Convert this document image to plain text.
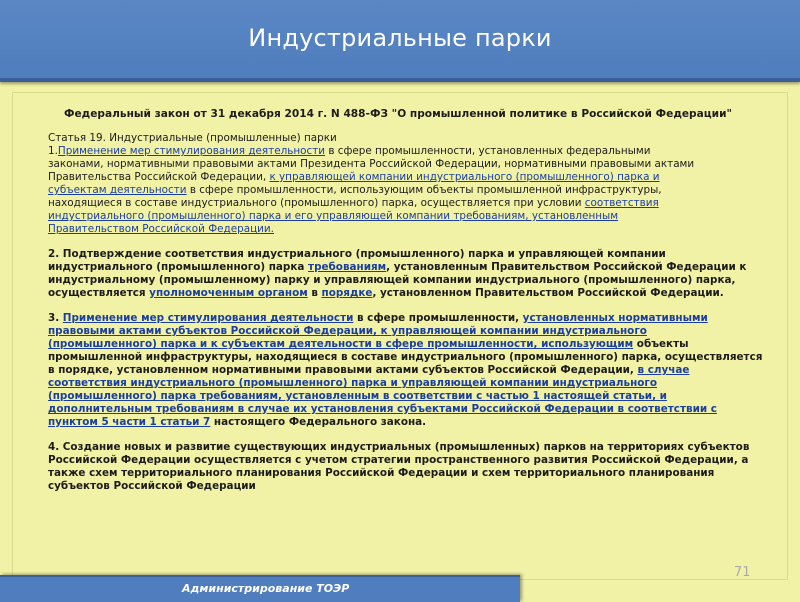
Индустриальные парки

Федеральный закон от 31 декабря 2014 г. N 488-ФЗ "О промышленной политике в Российской Федерации"

Статья 19. Индустриальные (промышленные) парки

1.Применение мер стимулирования деятельности в сфере промышленности, установленных федеральными
законами, нормативными правовыми актами Президента Российской Федерации, нормативными правовыми актами
Правительства Российской Федерации, к управляющей компании индустриального (промышленного) парка и
субъектам деятельности в сфере промышленности, использующим объекты промышленной инфраструктуры,
находящиеся в составе индустриального (промышленного) парка, осуществляется при условии соответствия
индустриального (промышленного) парка и его управляющей компании требованиям, установленным
Правительством Российской Федерации.

2. Подтверждение соответствия индустриального (промышленного) парка и управляющей компании
индустриального (промышленного) парка требованиям, установленным Правительством Российской Федерации к
индустриальному (промышленному) парку и управляющей компании индустриального (промышленного) парка,
осуществляется уполномоченным органом в порядке, установленном Правительством Российской Федерации.

3. Применение мер стимулирования деятельности в сфере промышленности, установленных нормативными
правовыми актами субъектов Российской Федерации, к управляющей компании индустриального
(промышленного) парка и к субъектам деятельности в сфере промышленности, использующим объекты
промышленной инфраструктуры, находящиеся в составе индустриального (промышленного) парка, осуществляется
в порядке, установленном нормативными правовыми актами субъектов Российской Федерации, в случае
соответствия индустриального (промышленного) парка и управляющей компании индустриального
(промышленного) парка требованиям, установленным в соответствии с частью 1 настоящей статьи, и
дополнительным требованиям в случае их установления субъектами Российской Федерации в соответствии с
пунктом 5 части 1 статьи 7 настоящего Федерального закона.

4. Создание новых и развитие существующих индустриальных (промышленных) парков на территориях субъектов
Российской Федерации осуществляется с учетом стратегии пространственного развития Российской Федерации, а
также схем территориального планирования Российской Федерации и схем территориального планирования
субъектов Российской Федерации

71
Администрирование ТОЭР
